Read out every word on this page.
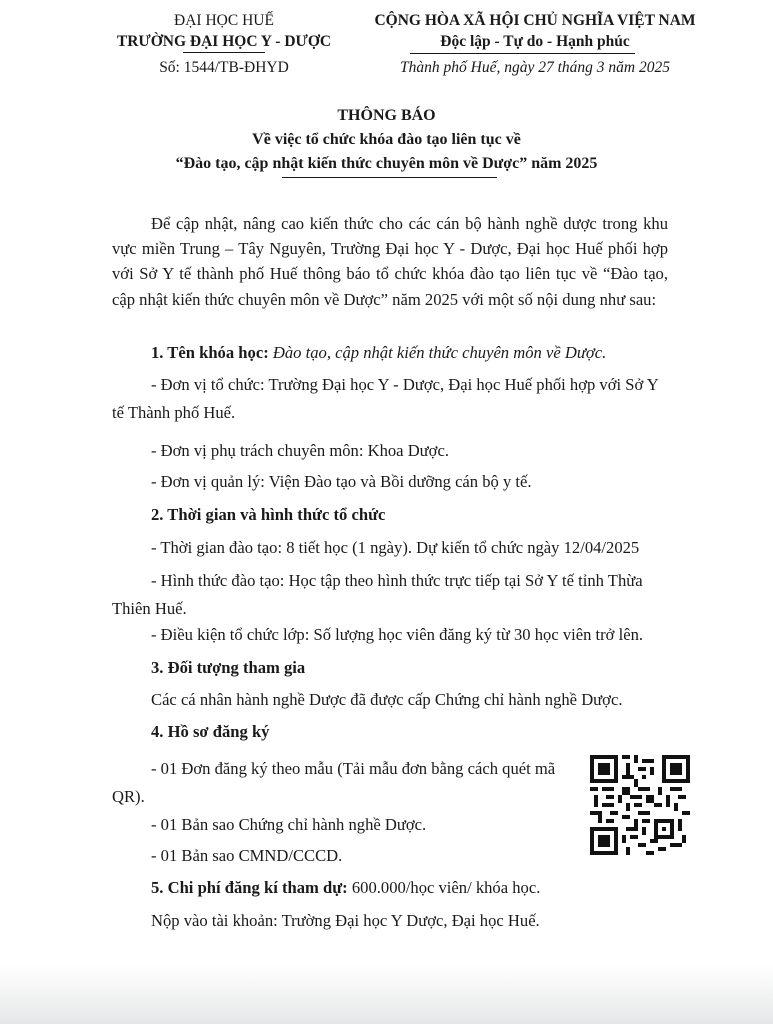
ĐẠI HỌC HUẾ
TRƯỜNG ĐẠI HỌC Y - DƯỢC
Số: 1544/TB-ĐHYD
CỘNG HÒA XÃ HỘI CHỦ NGHĨA VIỆT NAM
Độc lập - Tự do - Hạnh phúc
Thành phố Huế, ngày 27 tháng 3 năm 2025
THÔNG BÁO
Về việc tổ chức khóa đào tạo liên tục về
“Đào tạo, cập nhật kiến thức chuyên môn về Dược” năm 2025
Để cập nhật, nâng cao kiến thức cho các cán bộ hành nghề dược trong khu vực miền Trung – Tây Nguyên, Trường Đại học Y - Dược, Đại học Huế phối hợp với Sở Y tế thành phố Huế thông báo tổ chức khóa đào tạo liên tục về “Đào tạo, cập nhật kiến thức chuyên môn về Dược” năm 2025 với một số nội dung như sau:
1. Tên khóa học: Đào tạo, cập nhật kiến thức chuyên môn về Dược.
- Đơn vị tổ chức: Trường Đại học Y - Dược, Đại học Huế phối hợp với Sở Y tế Thành phố Huế.
- Đơn vị phụ trách chuyên môn: Khoa Dược.
- Đơn vị quản lý: Viện Đào tạo và Bồi dưỡng cán bộ y tế.
2. Thời gian và hình thức tổ chức
- Thời gian đào tạo: 8 tiết học (1 ngày). Dự kiến tổ chức ngày 12/04/2025
- Hình thức đào tạo: Học tập theo hình thức trực tiếp tại Sở Y tế tỉnh Thừa Thiên Huế.
- Điều kiện tổ chức lớp: Số lượng học viên đăng ký từ 30 học viên trở lên.
3. Đối tượng tham gia
Các cá nhân hành nghề Dược đã được cấp Chứng chỉ hành nghề Dược.
4. Hồ sơ đăng ký
- 01 Đơn đăng ký theo mẫu (Tải mẫu đơn bằng cách quét mã QR).
- 01 Bản sao Chứng chỉ hành nghề Dược.
- 01 Bản sao CMND/CCCD.
5. Chi phí đăng kí tham dự: 600.000/học viên/ khóa học.
Nộp vào tài khoản: Trường Đại học Y Dược, Đại học Huế.
